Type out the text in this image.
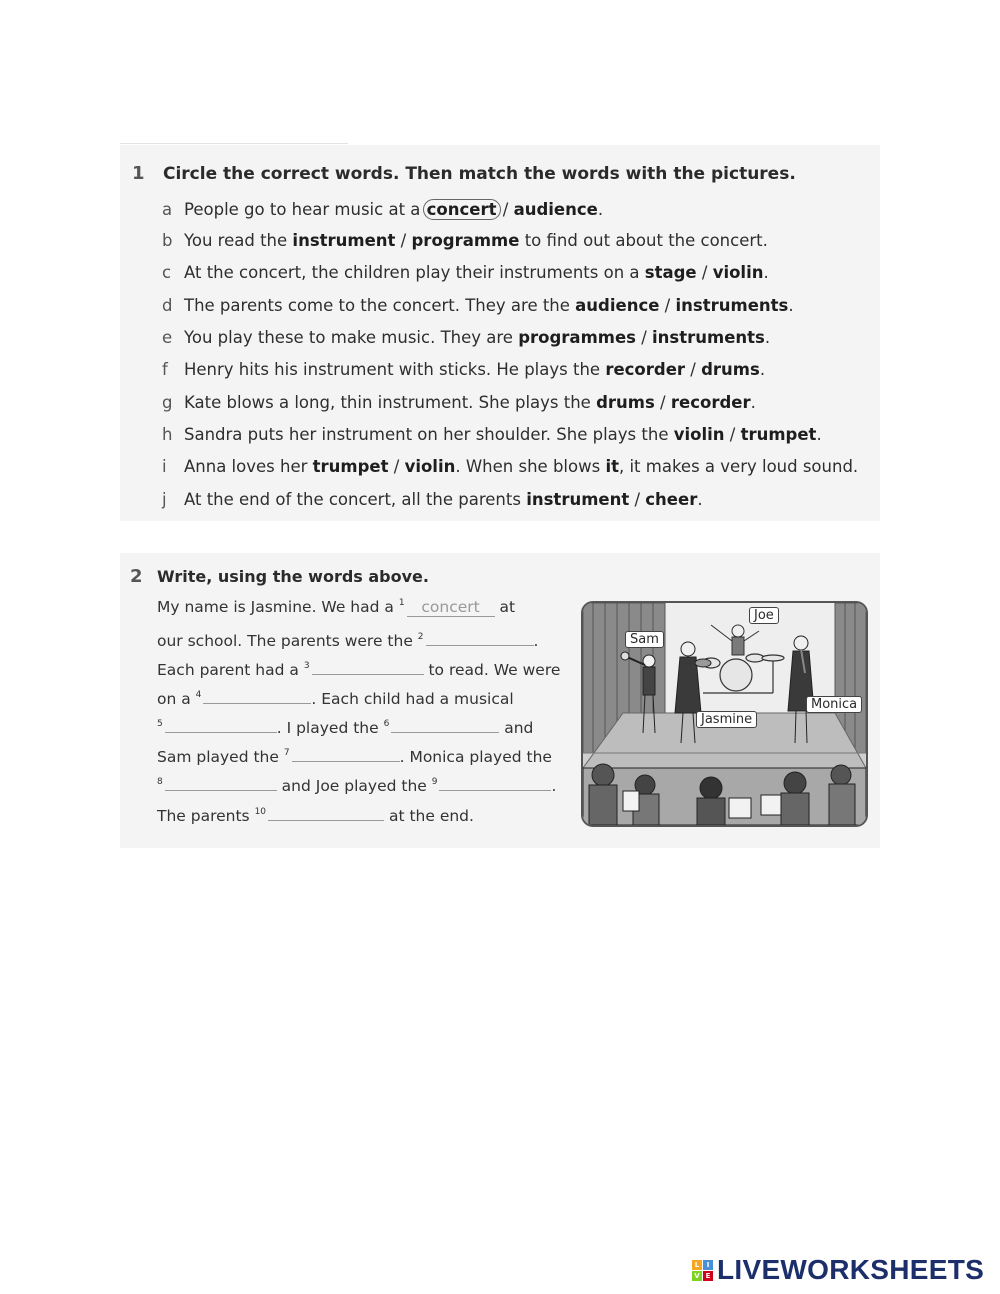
1 Circle the correct words. Then match the words with the pictures.
a People go to hear music at a concert / audience.
b You read the instrument / programme to find out about the concert.
c At the concert, the children play their instruments on a stage / violin.
d The parents come to the concert. They are the audience / instruments.
e You play these to make music. They are programmes / instruments.
f Henry hits his instrument with sticks. He plays the recorder / drums.
g Kate blows a long, thin instrument. She plays the drums / recorder.
h Sandra puts her instrument on her shoulder. She plays the violin / trumpet.
i Anna loves her trumpet / violin. When she blows it, it makes a very loud sound.
j At the end of the concert, all the parents instrument / cheer.
2 Write, using the words above.
My name is Jasmine. We had a $^1$ concert at
our school. The parents were the $^2$	.
Each parent had a $^3$	to read. We were
on a $^4$	. Each child had a musical
$^5$	. I played the $^6$	and
Sam played the $^7$	. Monica played the
$^8$	and Joe played the $^9$	.
The parents $^{10}$	at the end.
Joe
Sam
Jasmine
Monica
L	I
V E LIVEWORKSHEETS
